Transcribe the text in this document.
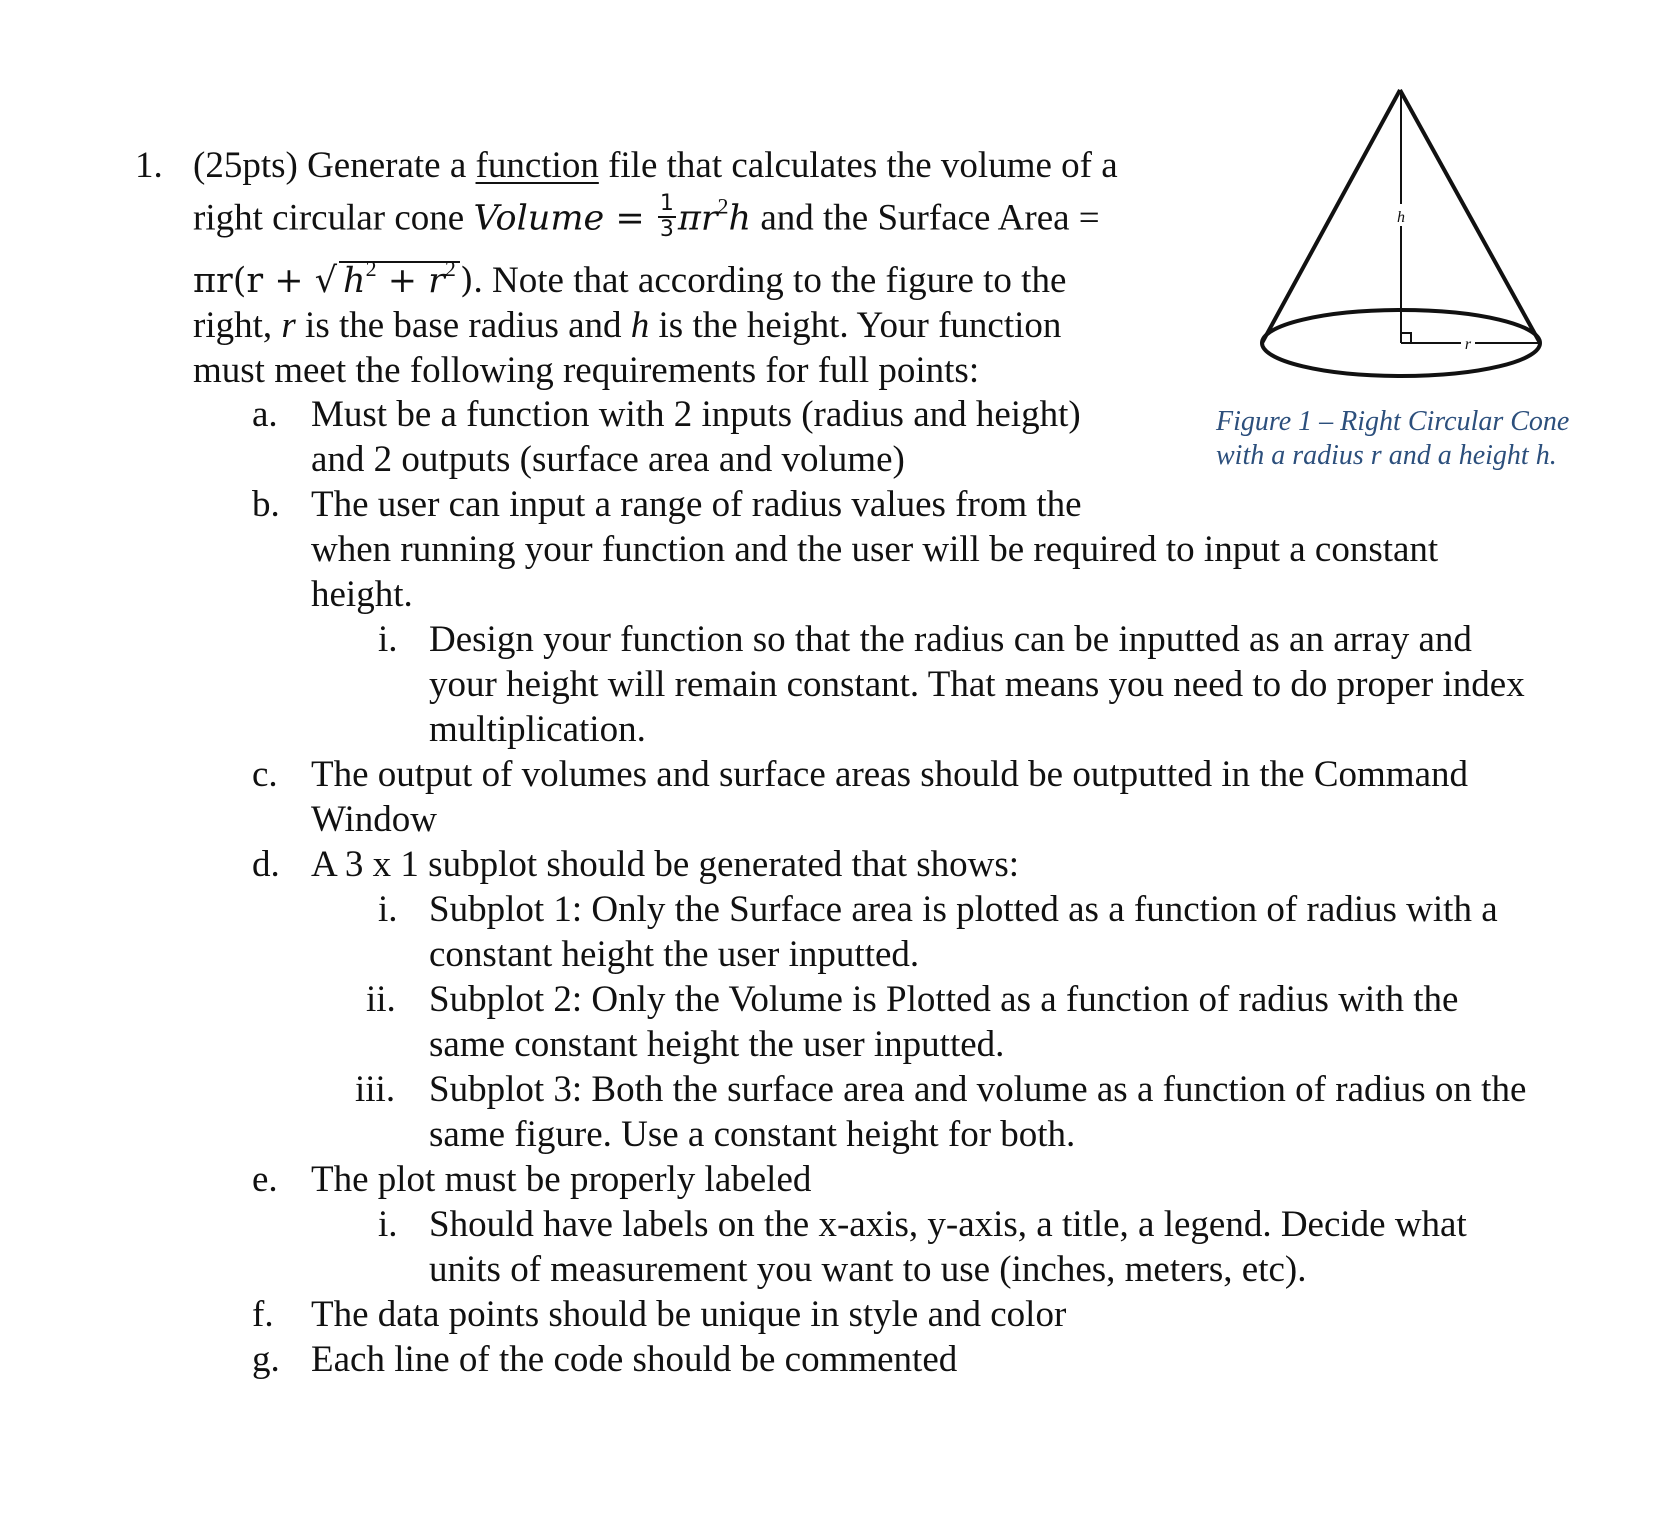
1. (25pts) Generate a function file that calculates the volume of a
right circular cone Volume = $\frac{1}{3} \pi r^2h$ and the Surface Area =
πr(r + √ $h^2 + r^2$ ). Note that according to the figure to the
right, r is the base radius and h is the height. Your function
must meet the following requirements for full points:
a. Must be a function with 2 inputs (radius and height)
and 2 outputs (surface area and volume)
b. The user can input a range of radius values from the
when running your function and the user will be required to input a constant
height.
i. Design your function so that the radius can be inputted as an array and
your height will remain constant. That means you need to do proper index
multiplication.
c. The output of volumes and surface areas should be outputted in the Command
Window
d. A 3 x 1 subplot should be generated that shows:
i. Subplot 1: Only the Surface area is plotted as a function of radius with a
constant height the user inputted.
ii. Subplot 2: Only the Volume is Plotted as a function of radius with the
same constant height the user inputted.
iii. Subplot 3: Both the surface area and volume as a function of radius on the
same figure. Use a constant height for both.
e. The plot must be properly labeled
i. Should have labels on the x-axis, y-axis, a title, a legend. Decide what
units of measurement you want to use (inches, meters, etc).
f. The data points should be unique in style and color
g. Each line of the code should be commented
h
r
Figure 1 – Right Circular Cone
with a radius r and a height h.
